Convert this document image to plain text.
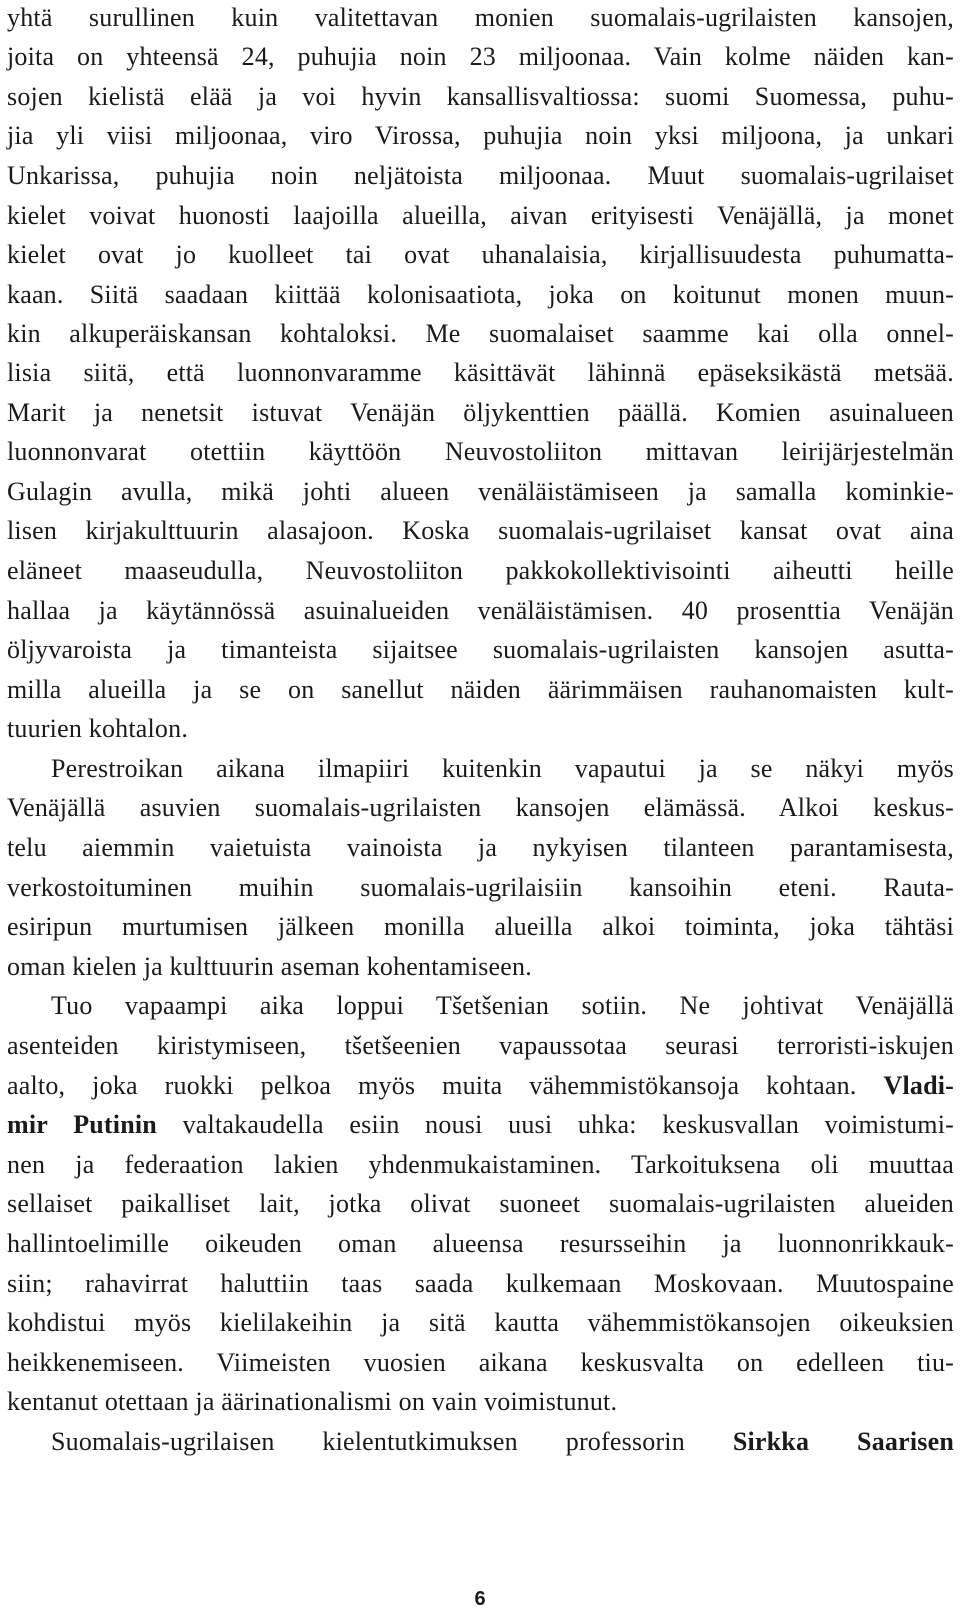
yhtä surullinen kuin valitettavan monien suomalais-ugrilaisten kansojen,
joita on yhteensä 24, puhujia noin 23 miljoonaa. Vain kolme näiden kan-
sojen kielistä elää ja voi hyvin kansallisvaltiossa: suomi Suomessa, puhu-
jia yli viisi miljoonaa, viro Virossa, puhujia noin yksi miljoona, ja unkari
Unkarissa, puhujia noin neljätoista miljoonaa. Muut suomalais-ugrilaiset
kielet voivat huonosti laajoilla alueilla, aivan erityisesti Venäjällä, ja monet
kielet ovat jo kuolleet tai ovat uhanalaisia, kirjallisuudesta puhumatta-
kaan. Siitä saadaan kiittää kolonisaatiota, joka on koitunut monen muun-
kin alkuperäiskansan kohtaloksi. Me suomalaiset saamme kai olla onnel-
lisia siitä, että luonnonvaramme käsittävät lähinnä epäseksikästä metsää.
Marit ja nenetsit istuvat Venäjän öljykenttien päällä. Komien asuinalueen
luonnonvarat otettiin käyttöön Neuvostoliiton mittavan leirijärjestelmän
Gulagin avulla, mikä johti alueen venäläistämiseen ja samalla kominkie-
lisen kirjakulttuurin alasajoon. Koska suomalais-ugrilaiset kansat ovat aina
eläneet maaseudulla, Neuvostoliiton pakkokollektivisointi aiheutti heille
hallaa ja käytännössä asuinalueiden venäläistämisen. 40 prosenttia Venäjän
öljyvaroista ja timanteista sijaitsee suomalais-ugrilaisten kansojen asutta-
milla alueilla ja se on sanellut näiden äärimmäisen rauhanomaisten kult-
tuurien kohtalon.
Perestroikan aikana ilmapiiri kuitenkin vapautui ja se näkyi myös
Venäjällä asuvien suomalais-ugrilaisten kansojen elämässä. Alkoi keskus-
telu aiemmin vaietuista vainoista ja nykyisen tilanteen parantamisesta,
verkostoituminen muihin suomalais-ugrilaisiin kansoihin eteni. Rauta-
esiripun murtumisen jälkeen monilla alueilla alkoi toiminta, joka tähtäsi
oman kielen ja kulttuurin aseman kohentamiseen.
Tuo vapaampi aika loppui Tšetšenian sotiin. Ne johtivat Venäjällä
asenteiden kiristymiseen, tšetšeenien vapaussotaa seurasi terroristi-iskujen
aalto, joka ruokki pelkoa myös muita vähemmistökansoja kohtaan. Vladi-
mir Putinin valtakaudella esiin nousi uusi uhka: keskusvallan voimistumi-
nen ja federaation lakien yhdenmukaistaminen. Tarkoituksena oli muuttaa
sellaiset paikalliset lait, jotka olivat suoneet suomalais-ugrilaisten alueiden
hallintoelimille oikeuden oman alueensa resursseihin ja luonnonrikkauk-
siin; rahavirrat haluttiin taas saada kulkemaan Moskovaan. Muutospaine
kohdistui myös kielilakeihin ja sitä kautta vähemmistökansojen oikeuksien
heikkenemiseen. Viimeisten vuosien aikana keskusvalta on edelleen tiu-
kentanut otettaan ja äärinationalismi on vain voimistunut.
Suomalais-ugrilaisen kielentutkimuksen professorin Sirkka Saarisen
6
